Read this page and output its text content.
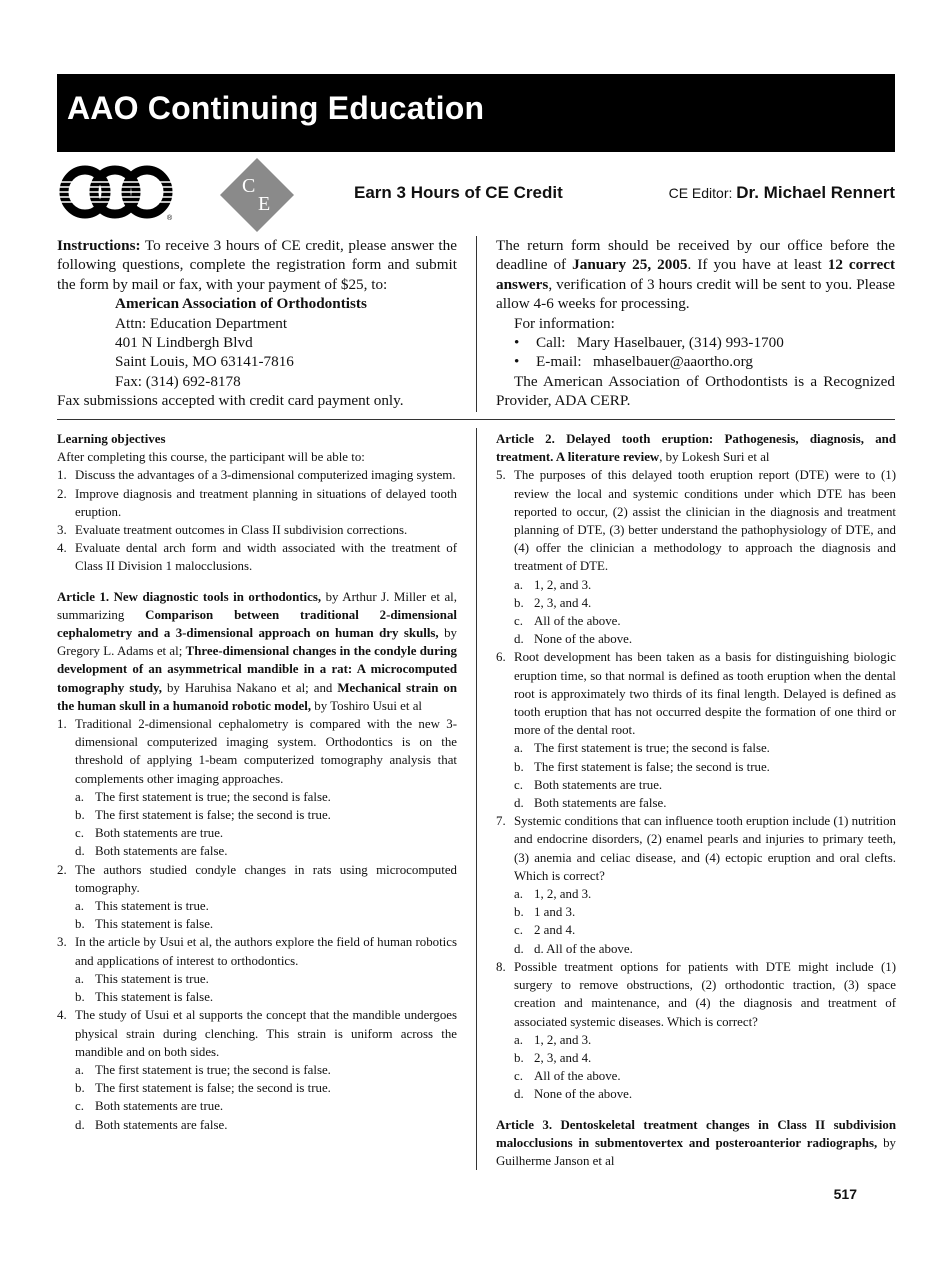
AAO Continuing Education
®
C
E
Earn 3 Hours of CE Credit	CE Editor: Dr. Michael Rennert

Instructions: To receive 3 hours of CE credit, please answer the following questions, complete the registration form and submit the form by mail or fax, with your payment of $25, to:

American Association of Orthodontists
Attn: Education Department
401 N Lindbergh Blvd
Saint Louis, MO 63141-7816
Fax: (314) 692-8178

Fax submissions accepted with credit card payment only.

The return form should be received by our office before the deadline of January 25, 2005. If you have at least 12 correct answers, verification of 3 hours credit will be sent to you. Please allow 4-6 weeks for processing.

For information:

• Call: Mary Haselbauer, (314) 993-1700

• E-mail: mhaselbauer@aaortho.org

The American Association of Orthodontists is a Recognized Provider, ADA CERP.

Learning objectives

After completing this course, the participant will be able to:

1. Discuss the advantages of a 3-dimensional computerized imaging system.
2. Improve diagnosis and treatment planning in situations of delayed tooth eruption.
3. Evaluate treatment outcomes in Class II subdivision corrections.
4. Evaluate dental arch form and width associated with the treatment of Class II Division 1 malocclusions.

Article 1. New diagnostic tools in orthodontics, by Arthur J. Miller et al, summarizing Comparison between traditional 2-dimensional cephalometry and a 3-dimensional approach on human dry skulls, by Gregory L. Adams et al; Three-dimensional changes in the condyle during development of an asymmetrical mandible in a rat: A microcomputed tomography study, by Haruhisa Nakano et al; and Mechanical strain on the human skull in a humanoid robotic model, by Toshiro Usui et al

1. Traditional 2-dimensional cephalometry is compared with the new 3-dimensional computerized imaging system. Orthodontics is on the threshold of applying 1-beam computerized tomography analysis that complements other imaging approaches.
a. The first statement is true; the second is false.
b. The first statement is false; the second is true.
c. Both statements are true.
d. Both statements are false.
2. The authors studied condyle changes in rats using microcomputed tomography.
a. This statement is true.
b. This statement is false.
3. In the article by Usui et al, the authors explore the field of human robotics and applications of interest to orthodontics.
a. This statement is true.
b. This statement is false.
4. The study of Usui et al supports the concept that the mandible undergoes physical strain during clenching. This strain is uniform across the mandible and on both sides.
a. The first statement is true; the second is false.
b. The first statement is false; the second is true.
c. Both statements are true.
d. Both statements are false.

Article 2. Delayed tooth eruption: Pathogenesis, diagnosis, and treatment. A literature review, by Lokesh Suri et al

5. The purposes of this delayed tooth eruption report (DTE) were to (1) review the local and systemic conditions under which DTE has been reported to occur, (2) assist the clinician in the diagnosis and treatment planning of DTE, (3) better understand the pathophysiology of DTE, and (4) offer the clinician a methodology to approach the diagnosis and treatment of DTE.
a. 1, 2, and 3.
b. 2, 3, and 4.
c. All of the above.
d. None of the above.
6. Root development has been taken as a basis for distinguishing biologic eruption time, so that normal is defined as tooth eruption when the dental root is approximately two thirds of its final length. Delayed is defined as tooth eruption that has not occurred despite the formation of one third or more of the dental root.
a. The first statement is true; the second is false.
b. The first statement is false; the second is true.
c. Both statements are true.
d. Both statements are false.
7. Systemic conditions that can influence tooth eruption include (1) nutrition and endocrine disorders, (2) enamel pearls and injuries to primary teeth, (3) anemia and celiac disease, and (4) ectopic eruption and oral clefts. Which is correct?
a. 1, 2, and 3.
b. 1 and 3.
c. 2 and 4.
d. d. All of the above.
8. Possible treatment options for patients with DTE might include (1) surgery to remove obstructions, (2) orthodontic traction, (3) space creation and maintenance, and (4) the diagnosis and treatment of associated systemic diseases. Which is correct?
a. 1, 2, and 3.
b. 2, 3, and 4.
c. All of the above.
d. None of the above.

Article 3. Dentoskeletal treatment changes in Class II subdivision malocclusions in submentovertex and posteroanterior radiographs, by Guilherme Janson et al

517
